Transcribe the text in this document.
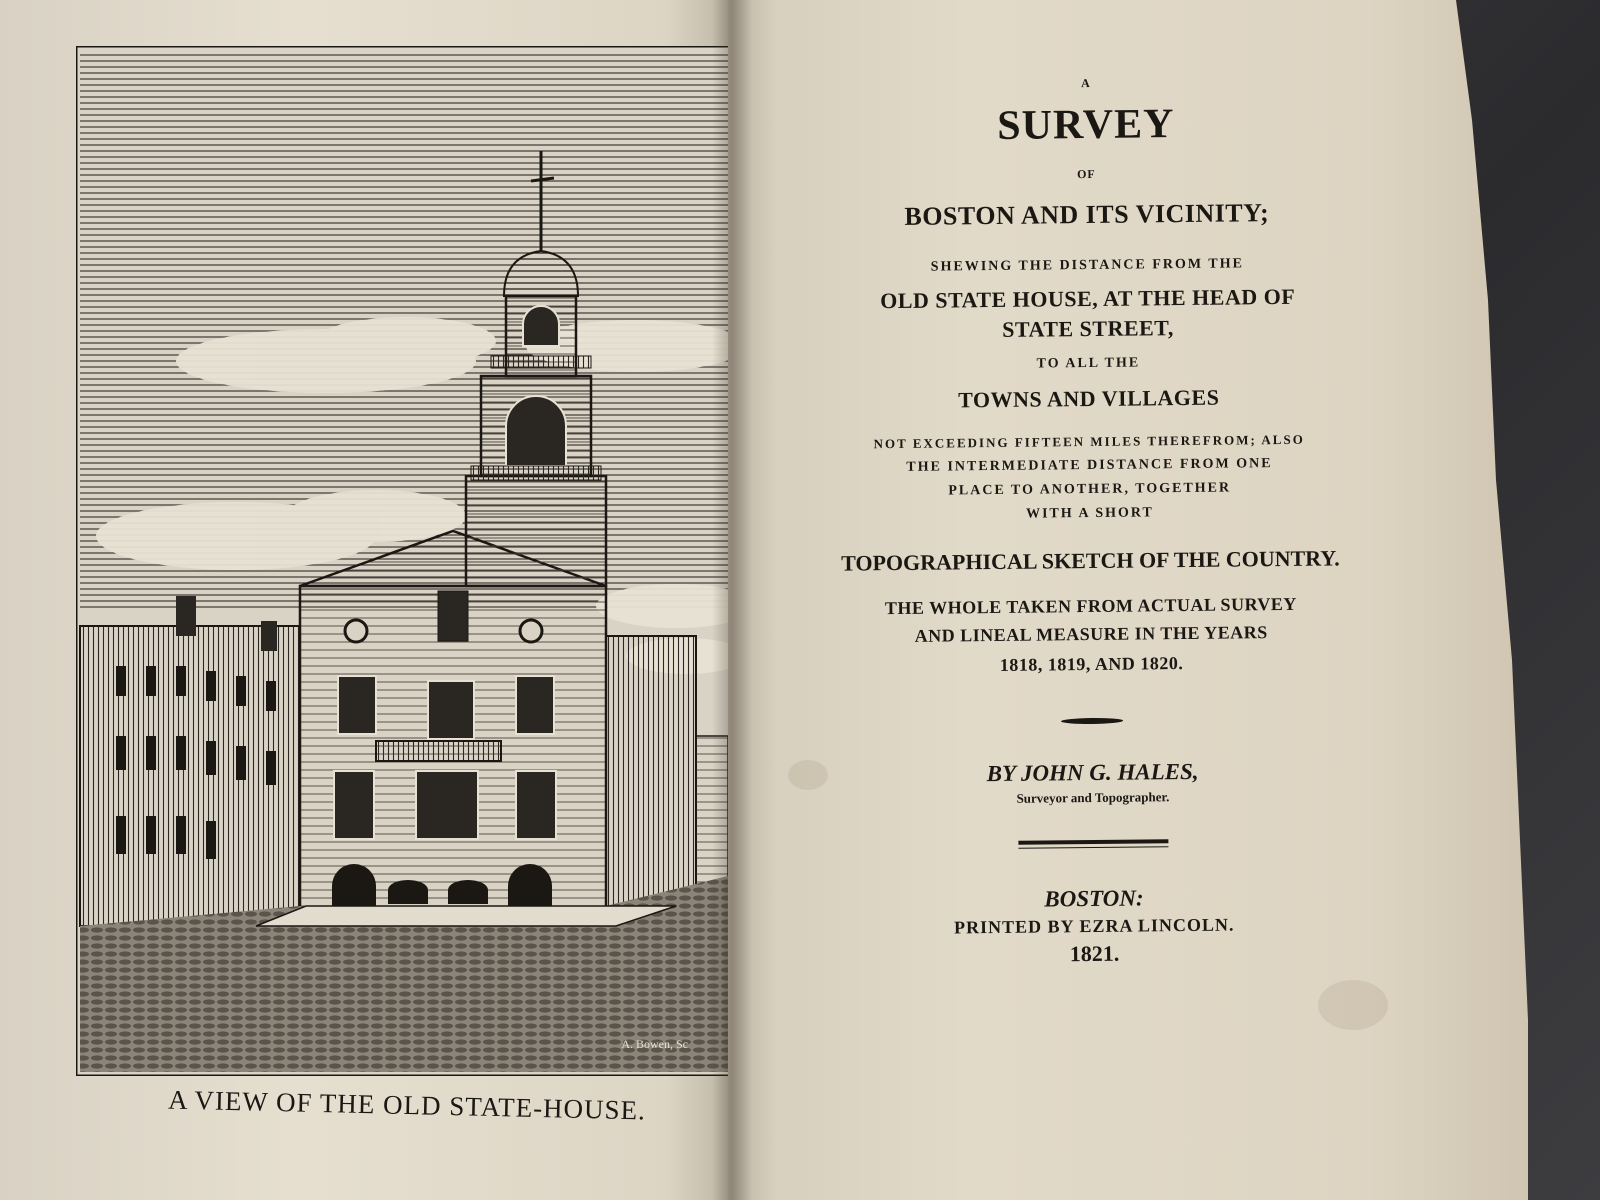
A. Bowen, Sc
A VIEW OF THE OLD STATE-HOUSE.
A
SURVEY
OF
BOSTON AND ITS VICINITY;
SHEWING THE DISTANCE FROM THE
OLD STATE HOUSE, AT THE HEAD OF
STATE STREET,
TO ALL THE
TOWNS AND VILLAGES
NOT EXCEEDING FIFTEEN MILES THEREFROM; ALSO
THE INTERMEDIATE DISTANCE FROM ONE
PLACE TO ANOTHER, TOGETHER
WITH A SHORT
TOPOGRAPHICAL SKETCH OF THE COUNTRY.
THE WHOLE TAKEN FROM ACTUAL SURVEY
AND LINEAL MEASURE IN THE YEARS
1818, 1819, AND 1820.
BY JOHN G. HALES,
Surveyor and Topographer.
BOSTON:
PRINTED BY EZRA LINCOLN.
1821.
